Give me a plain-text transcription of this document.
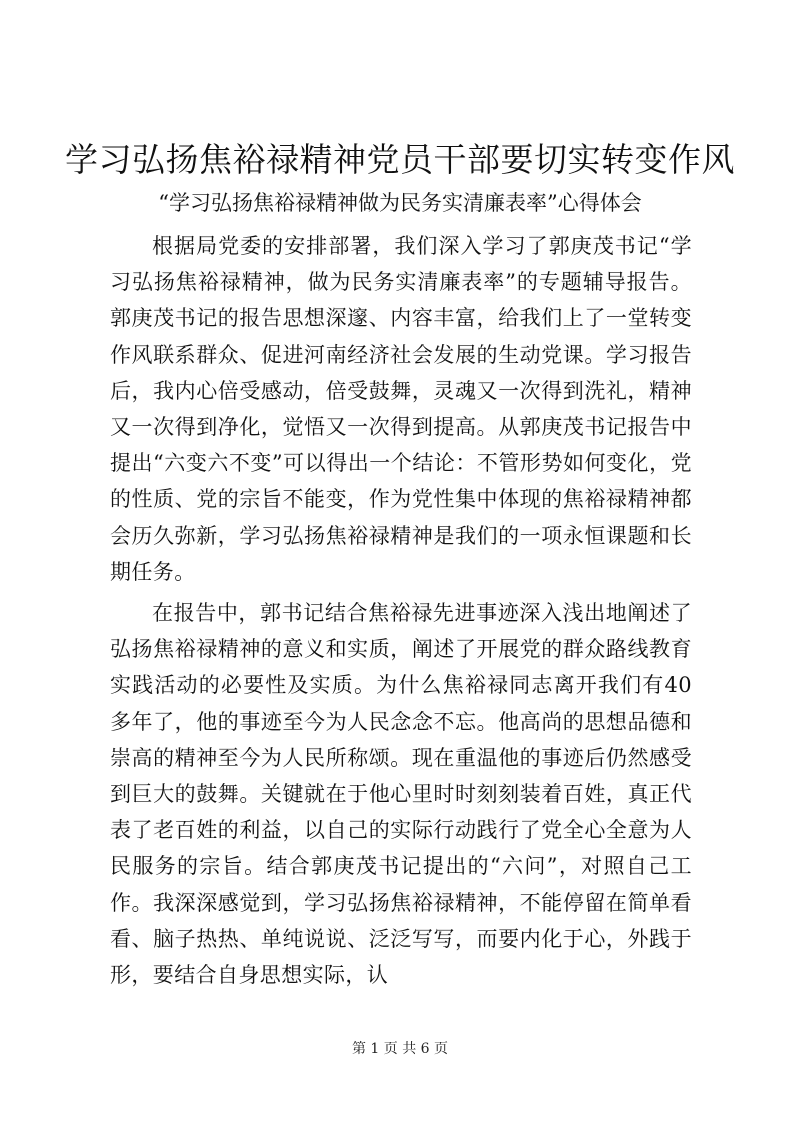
学习弘扬焦裕禄精神党员干部要切实转变作风
“学习弘扬焦裕禄精神做为民务实清廉表率”心得体会

根据局党委的安排部署，我们深入学习了郭庚茂书记“学习弘扬焦裕禄精神，做为民务实清廉表率”的专题辅导报告。郭庚茂书记的报告思想深邃、内容丰富，给我们上了一堂转变作风联系群众、促进河南经济社会发展的生动党课。学习报告后，我内心倍受感动，倍受鼓舞，灵魂又一次得到洗礼，精神又一次得到净化，觉悟又一次得到提高。从郭庚茂书记报告中提出“六变六不变”可以得出一个结论：不管形势如何变化，党的性质、党的宗旨不能变，作为党性集中体现的焦裕禄精神都会历久弥新，学习弘扬焦裕禄精神是我们的一项永恒课题和长期任务。

在报告中，郭书记结合焦裕禄先进事迹深入浅出地阐述了弘扬焦裕禄精神的意义和实质，阐述了开展党的群众路线教育实践活动的必要性及实质。为什么焦裕禄同志离开我们有40多年了，他的事迹至今为人民念念不忘。他高尚的思想品德和崇高的精神至今为人民所称颂。现在重温他的事迹后仍然感受到巨大的鼓舞。关键就在于他心里时时刻刻装着百姓，真正代表了老百姓的利益，以自己的实际行动践行了党全心全意为人民服务的宗旨。结合郭庚茂书记提出的“六问”，对照自己工作。我深深感觉到，学习弘扬焦裕禄精神，不能停留在简单看看、脑子热热、单纯说说、泛泛写写，而要内化于心，外践于形，要结合自身思想实际，认

第 1 页 共 6 页
